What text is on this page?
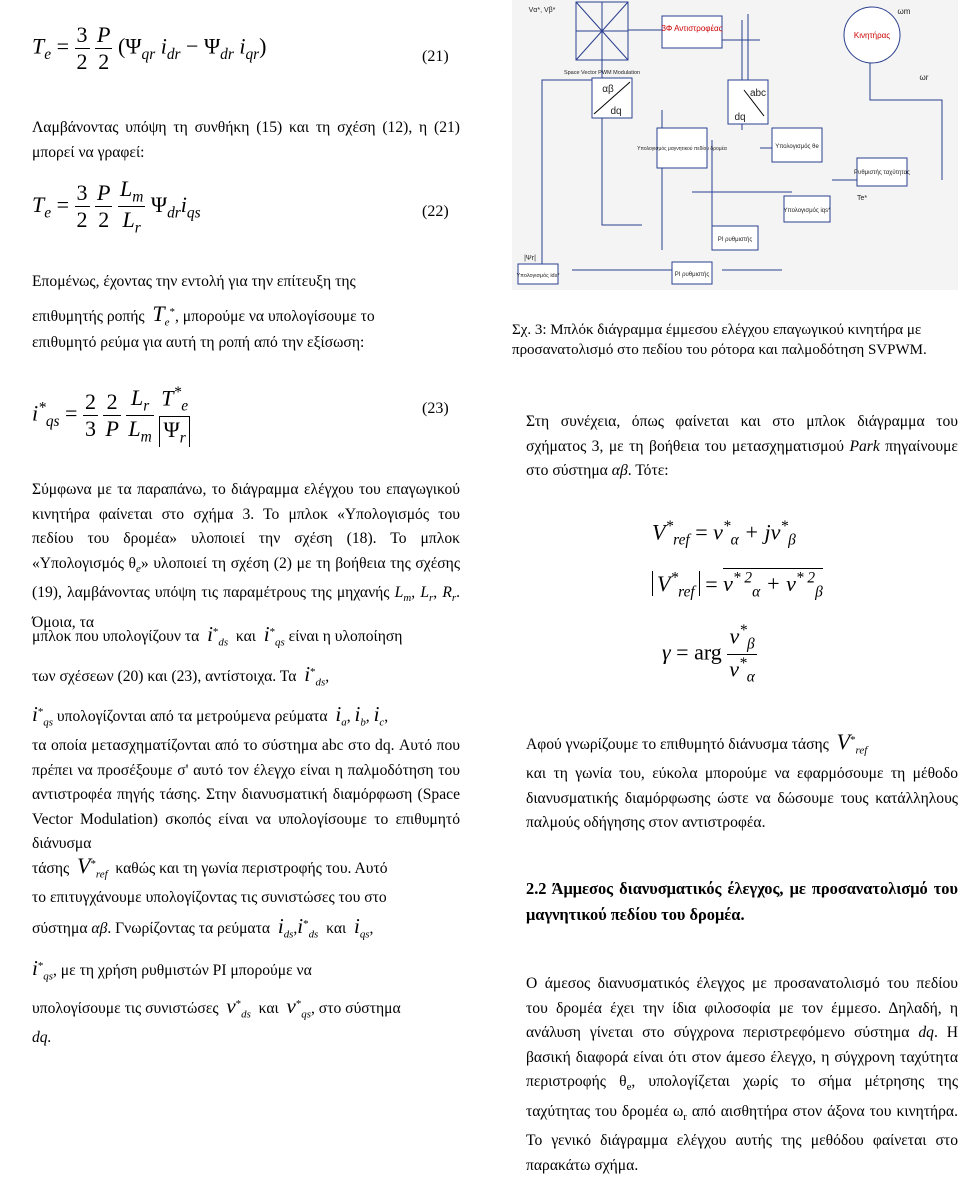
$T_e = \frac{3}{2}$
$\frac{P}{2} (\Psi_{qr}$ $i_{dr} - \Psi_{dr}$ $i_{qr}$)	(21)
Λαμβάνοντας υπόψη τη συνθήκη (15) και τη σχέση (12), η (21) μπορεί να γραφεί:
$T_e = \frac{3}{2}$
$\frac{P}{2}$
$\frac{L_m}{L_r} \Psi_{dr}i_{qs}$	(22)
Επομένως, έχοντας την εντολή για την επίτευξη της
επιθυμητής ροπής $T_e^*$, μπορούμε να υπολογίσουμε το
επιθυμητό ρεύμα για αυτή τη ροπή από την εξίσωση:
$i^*_{qs} = \frac{2}{3}$
$\frac{2}{P}$
$\frac{L_r}{L_m}$
$\frac{T^*_e}{\Psi_r}$	(23)
Σύμφωνα με τα παραπάνω, το διάγραμμα ελέγχου του επαγωγικού κινητήρα φαίνεται στο σχήμα 3. Το μπλοκ «Υπολογισμός του πεδίου του δρομέα» υλοποιεί την σχέση (18). Το μπλοκ «Υπολογισμός $\theta_e$» υλοποιεί τη σχέση (2) με τη βοήθεια της σχέσης (19), λαμβάνοντας υπόψη τις παραμέτρους της μηχανής $L_m$, $L_r$, $R_r$. Όμοια, τα
μπλοκ που υπολογίζουν τα $i^*_{ds}$ και $i^*_{qs}$ είναι η υλοποίηση
των σχέσεων (20) και (23), αντίστοιχα. Τα $i^*_{ds}$,
$i^*_{qs}$ υπολογίζονται από τα μετρούμενα ρεύματα $i_a$, $i_b$, $i_c$,
τα οποία μετασχηματίζονται από το σύστημα abc στο dq. Αυτό που πρέπει να προσέξουμε σ' αυτό τον έλεγχο είναι η παλμοδότηση του αντιστροφέα πηγής τάσης. Στην διανυσματική διαμόρφωση (Space Vector Modulation) σκοπός είναι να υπολογίσουμε το επιθυμητό διάνυσμα
τάσης $V^*_{ref}$ καθώς και τη γωνία περιστροφής του. Αυτό
το επιτυγχάνουμε υπολογίζοντας τις συνιστώσες του στο
σύστημα αβ. Γνωρίζοντας τα ρεύματα $i_{ds},i^*_{ds}$ και $i_{qs}$,
$i^*_{qs}$, με τη χρήση ρυθμιστών PI μπορούμε να
υπολογίσουμε τις συνιστώσες $v^*_{ds}$ και $v^*_{qs}$, στο σύστημα
dq.
3Φ Αντιστροφέας
Κινητήρας
Space Vector PWM Modulation
αβ
dq
abc
dq
Υπολογισμός μαγνητικού πεδίου δρομέα	Υπολογισμός θe
Ρυθμιστής ταχύτητας
Υπολογισμός iqs*
PI ρυθμιστής
Υπολογισμός ids*	PI ρυθμιστής
ωm
ωr
Te*
|Ψr|
Vα*, Vβ*
Σχ. 3: Μπλόκ διάγραμμα έμμεσου ελέγχου επαγωγικού κινητήρα με προσανατολισμό στο πεδίου του ρότορα και παλμοδότηση SVPWM.
Στη συνέχεια, όπως φαίνεται και στο μπλοκ διάγραμμα του σχήματος 3, με τη βοήθεια του μετασχηματισμού Park πηγαίνουμε στο σύστημα αβ. Τότε:
$V^*_{ref} = v^*_\alpha + jv^*_\beta$
$V^*_{ref} = v^{* 2}_\alpha + v^{* 2}_\beta$
γ = arg $\frac{v^*_\beta}{v^*_\alpha}$
Αφού γνωρίζουμε το επιθυμητό διάνυσμα τάσης $V^*_{ref}$
και τη γωνία του, εύκολα μπορούμε να εφαρμόσουμε τη μέθοδο διανυσματικής διαμόρφωσης ώστε να δώσουμε τους κατάλληλους παλμούς οδήγησης στον αντιστροφέα.
2.2 Άμμεσος διανυσματικός έλεγχος, με προσανατολισμό του μαγνητικού πεδίου του δρομέα.
Ο άμεσος διανυσματικός έλεγχος με προσανατολισμό του πεδίου του δρομέα έχει την ίδια φιλοσοφία με τον έμμεσο. Δηλαδή, η ανάλυση γίνεται στο σύγχρονα περιστρεφόμενο σύστημα dq. Η βασική διαφορά είναι ότι στον άμεσο έλεγχο, η σύγχρονη ταχύτητα περιστροφής $\theta_e$, υπολογίζεται χωρίς το σήμα μέτρησης της ταχύτητας του δρομέα $\omega_r$ από αισθητήρα στον άξονα του κινητήρα. Το γενικό διάγραμμα ελέγχου αυτής της μεθόδου φαίνεται στο παρακάτω σχήμα.
